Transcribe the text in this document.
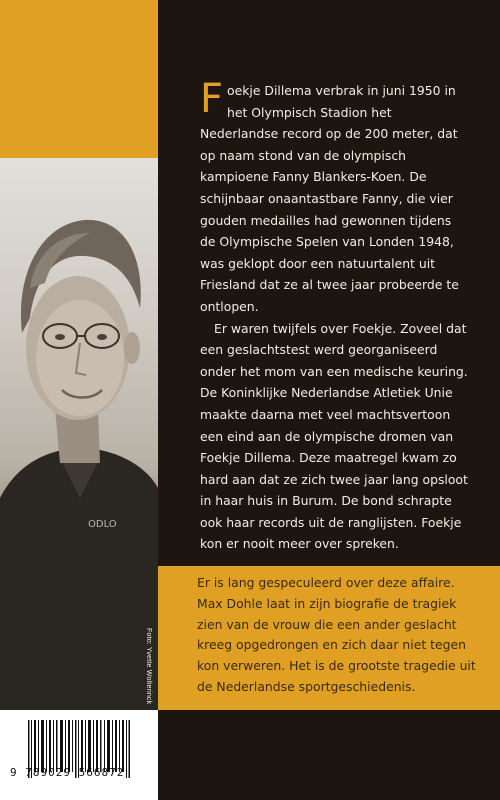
ODLO
Foto: Yvette Wolterinck
9 789029 566872

Foekje Dillema verbrak in juni 1950 in het Olympisch Stadion het Nederlandse record op de 200 meter, dat op naam stond van de olympisch kampioene Fanny Blankers-Koen. De schijnbaar onaantastbare Fanny, die vier gouden medailles had gewonnen tijdens de Olympische Spelen van Londen 1948, was geklopt door een natuurtalent uit Friesland dat ze al twee jaar probeerde te ontlopen.

Er waren twijfels over Foekje. Zoveel dat een geslachtstest werd georganiseerd onder het mom van een medische keuring. De Koninklijke Nederlandse Atletiek Unie maakte daarna met veel machtsvertoon een eind aan de olympische dromen van Foekje Dillema. Deze maatregel kwam zo hard aan dat ze zich twee jaar lang opsloot in haar huis in Burum. De bond schrapte ook haar records uit de ranglijsten. Foekje kon er nooit meer over spreken.

Er is lang gespeculeerd over deze affaire. Max Dohle laat in zijn biografie de tragiek zien van de vrouw die een ander geslacht kreeg opgedrongen en zich daar niet tegen kon verweren. Het is de grootste tragedie uit de Nederlandse sportgeschiedenis.
